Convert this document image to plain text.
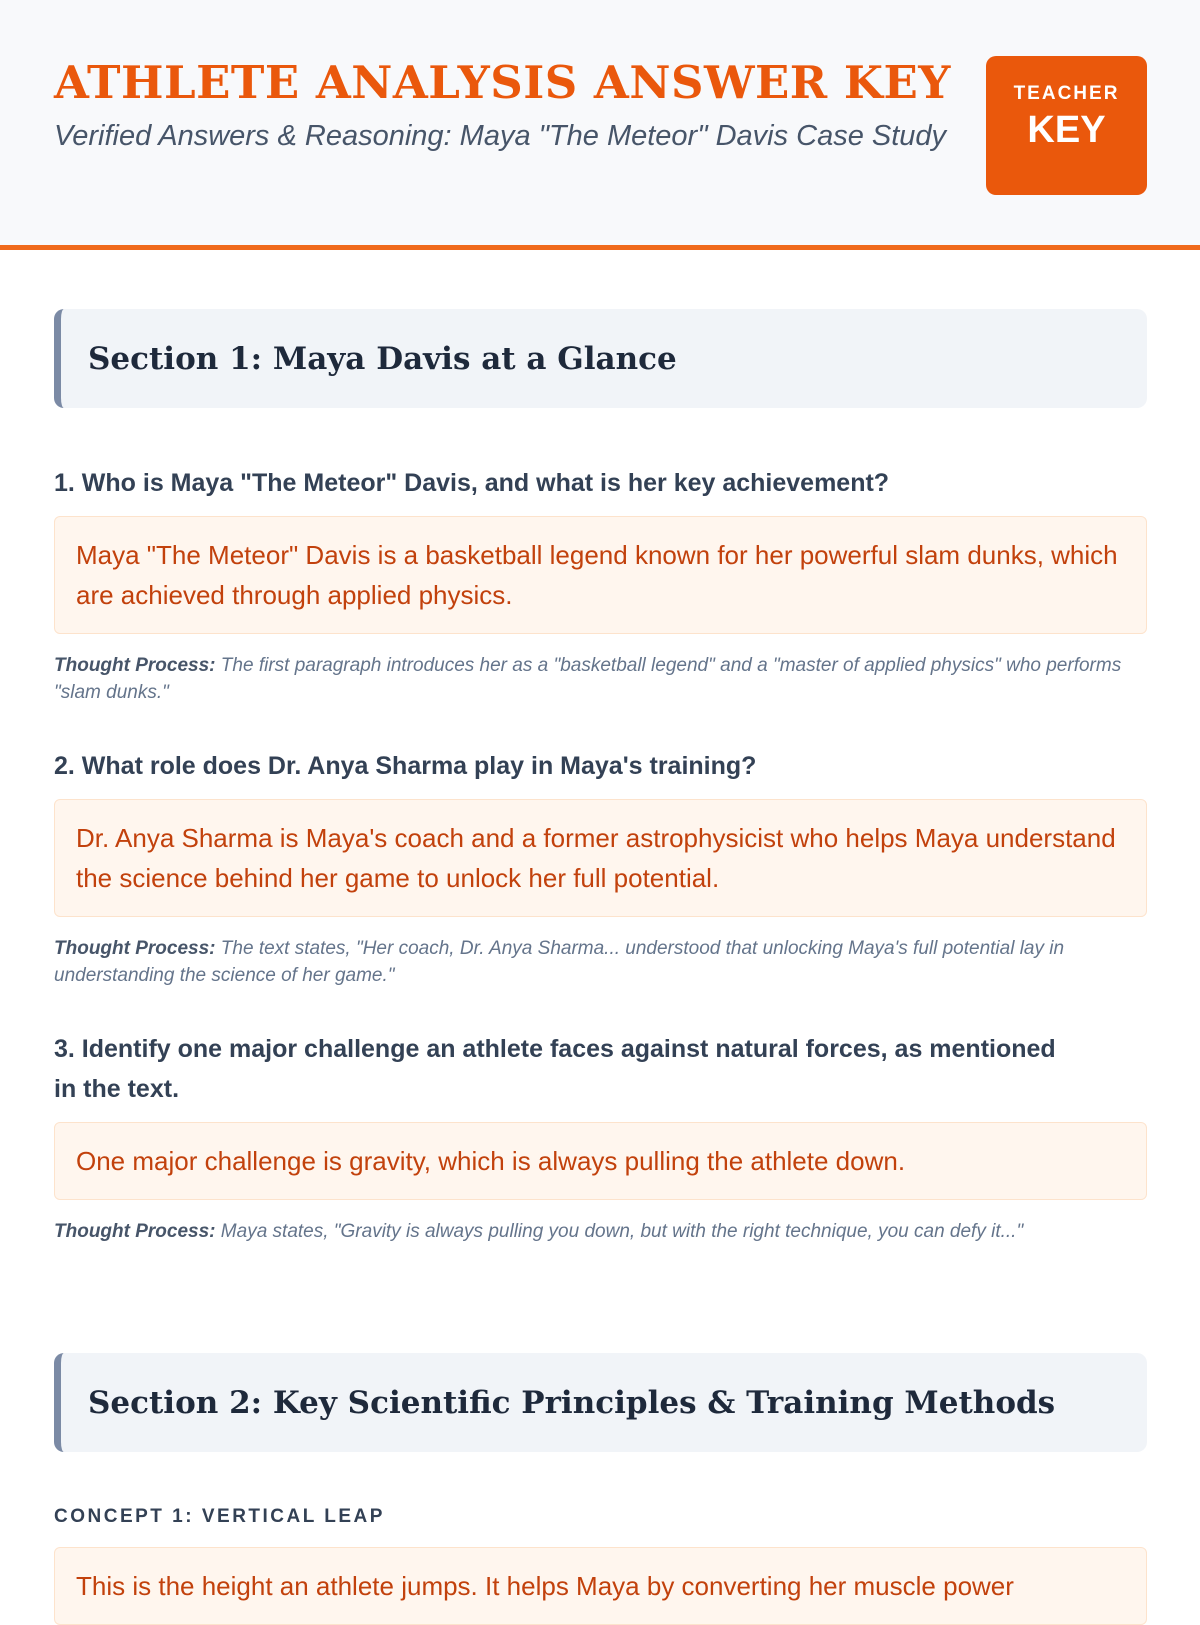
ATHLETE ANALYSIS ANSWER KEY

Verified Answers & Reasoning: Maya "The Meteor" Davis Case Study

TEACHER
KEY
Section 1: Maya Davis at a Glance

1. Who is Maya "The Meteor" Davis, and what is her key achievement?

Maya "The Meteor" Davis is a basketball legend known for her powerful slam dunks, which are achieved through applied physics.

Thought Process: The first paragraph introduces her as a "basketball legend" and a "master of applied physics" who performs "slam dunks."

2. What role does Dr. Anya Sharma play in Maya's training?

Dr. Anya Sharma is Maya's coach and a former astrophysicist who helps Maya understand the science behind her game to unlock her full potential.

Thought Process: The text states, "Her coach, Dr. Anya Sharma... understood that unlocking Maya's full potential lay in understanding the science of her game."

3. Identify one major challenge an athlete faces against natural forces, as mentioned in the text.

One major challenge is gravity, which is always pulling the athlete down.

Thought Process: Maya states, "Gravity is always pulling you down, but with the right technique, you can defy it..."

Section 2: Key Scientific Principles & Training Methods

CONCEPT 1: VERTICAL LEAP

This is the height an athlete jumps. It helps Maya by converting her muscle power
